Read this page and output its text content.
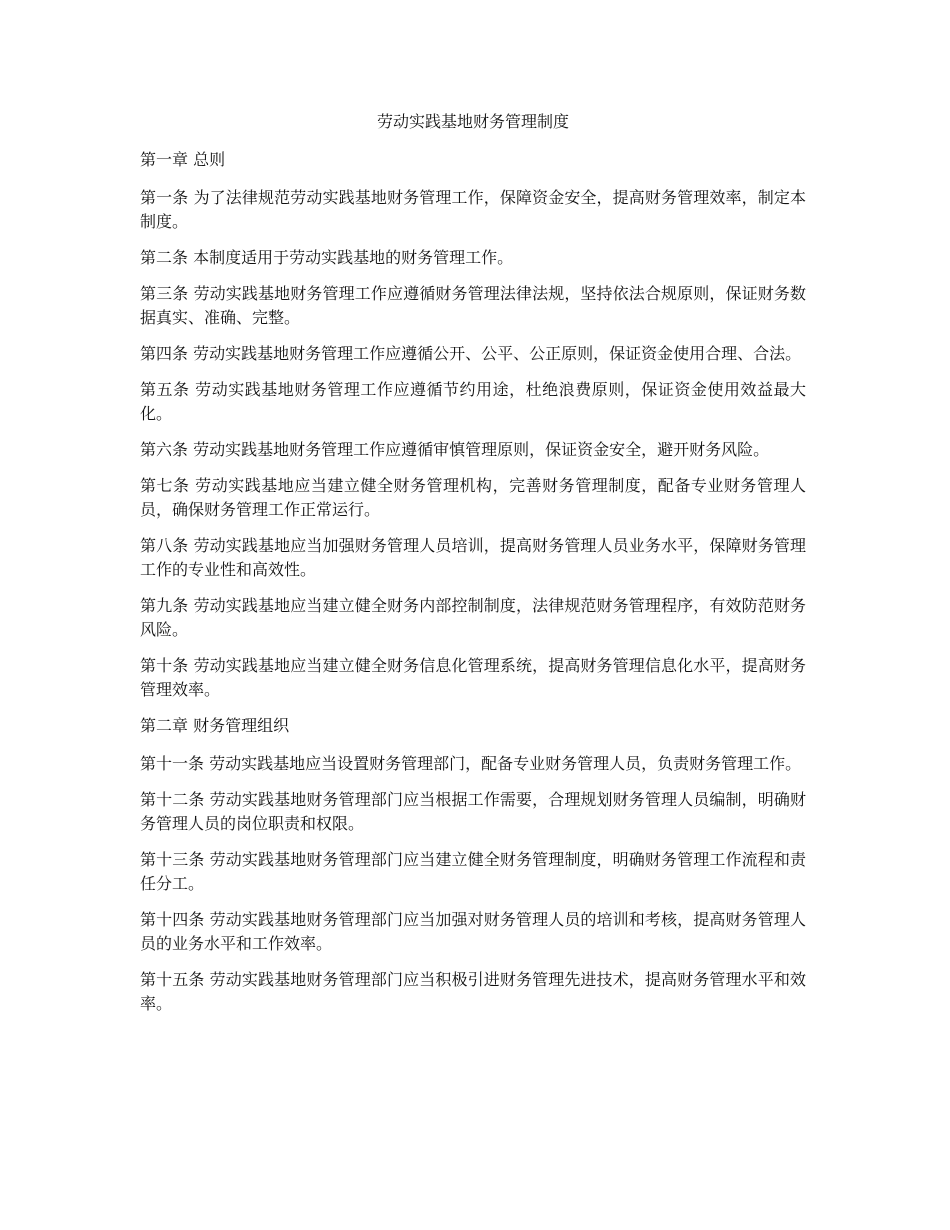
劳动实践基地财务管理制度
第一章 总则
第一条 为了法律规范劳动实践基地财务管理工作，保障资金安全，提高财务管理效率，制定本制度。
第二条 本制度适用于劳动实践基地的财务管理工作。
第三条 劳动实践基地财务管理工作应遵循财务管理法律法规，坚持依法合规原则，保证财务数据真实、准确、完整。
第四条 劳动实践基地财务管理工作应遵循公开、公平、公正原则，保证资金使用合理、合法。
第五条 劳动实践基地财务管理工作应遵循节约用途，杜绝浪费原则，保证资金使用效益最大化。
第六条 劳动实践基地财务管理工作应遵循审慎管理原则，保证资金安全，避开财务风险。
第七条 劳动实践基地应当建立健全财务管理机构，完善财务管理制度，配备专业财务管理人员，确保财务管理工作正常运行。
第八条 劳动实践基地应当加强财务管理人员培训，提高财务管理人员业务水平，保障财务管理工作的专业性和高效性。
第九条 劳动实践基地应当建立健全财务内部控制制度，法律规范财务管理程序，有效防范财务风险。
第十条 劳动实践基地应当建立健全财务信息化管理系统，提高财务管理信息化水平，提高财务管理效率。
第二章 财务管理组织
第十一条 劳动实践基地应当设置财务管理部门，配备专业财务管理人员，负责财务管理工作。
第十二条 劳动实践基地财务管理部门应当根据工作需要，合理规划财务管理人员编制，明确财务管理人员的岗位职责和权限。
第十三条 劳动实践基地财务管理部门应当建立健全财务管理制度，明确财务管理工作流程和责任分工。
第十四条 劳动实践基地财务管理部门应当加强对财务管理人员的培训和考核，提高财务管理人员的业务水平和工作效率。
第十五条 劳动实践基地财务管理部门应当积极引进财务管理先进技术，提高财务管理水平和效率。
